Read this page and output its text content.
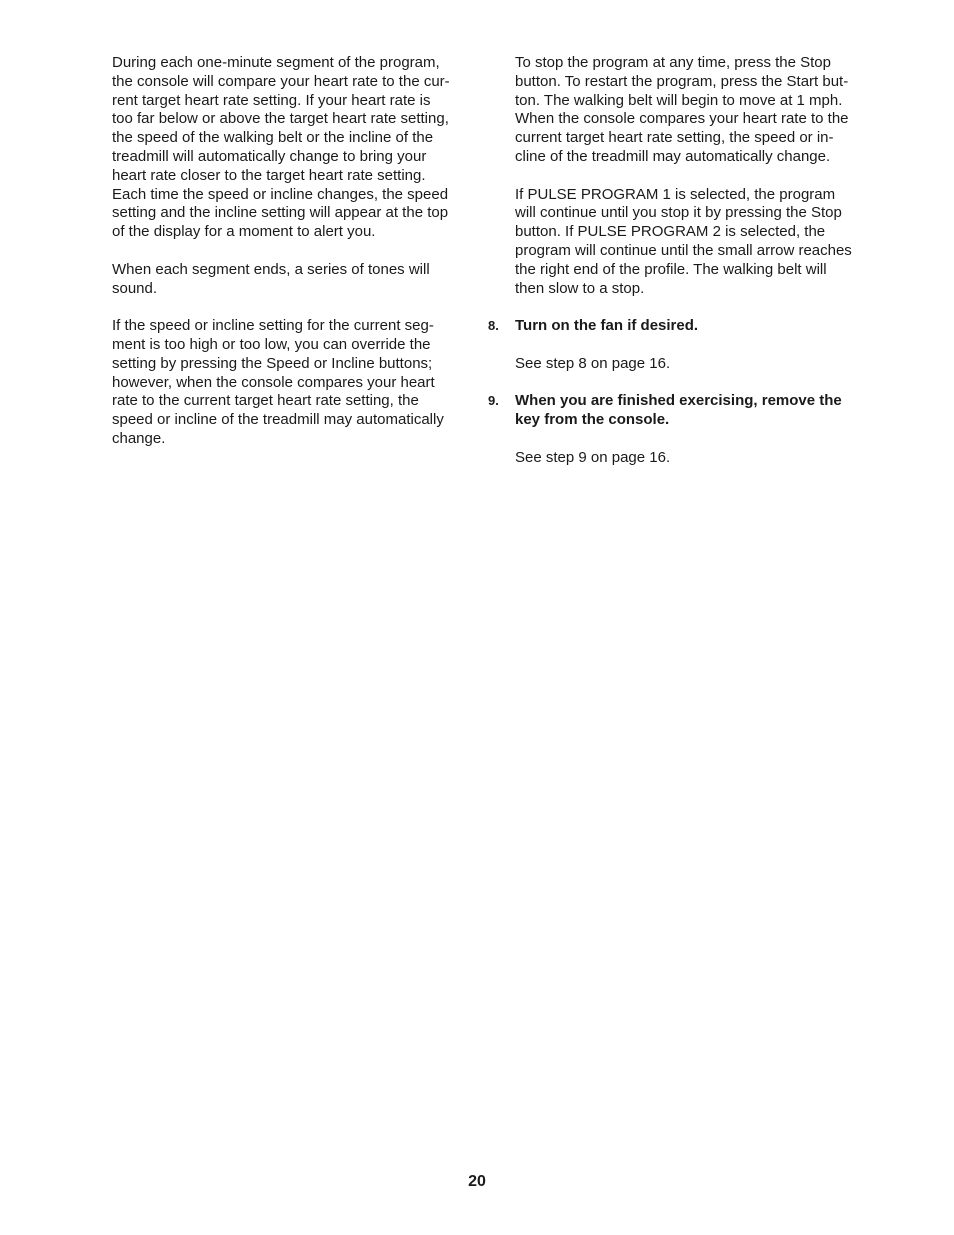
During each one-minute segment of the program,
the console will compare your heart rate to the cur-
rent target heart rate setting. If your heart rate is
too far below or above the target heart rate setting,
the speed of the walking belt or the incline of the
treadmill will automatically change to bring your
heart rate closer to the target heart rate setting.
Each time the speed or incline changes, the speed
setting and the incline setting will appear at the top
of the display for a moment to alert you.
When each segment ends, a series of tones will
sound.
If the speed or incline setting for the current seg-
ment is too high or too low, you can override the
setting by pressing the Speed or Incline buttons;
however, when the console compares your heart
rate to the current target heart rate setting, the
speed or incline of the treadmill may automatically
change.
To stop the program at any time, press the Stop
button. To restart the program, press the Start but-
ton. The walking belt will begin to move at 1 mph.
When the console compares your heart rate to the
current target heart rate setting, the speed or in-
cline of the treadmill may automatically change.
If PULSE PROGRAM 1 is selected, the program
will continue until you stop it by pressing the Stop
button. If PULSE PROGRAM 2 is selected, the
program will continue until the small arrow reaches
the right end of the profile. The walking belt will
then slow to a stop.
8. Turn on the fan if desired.
See step 8 on page 16.
9. When you are finished exercising, remove the
key from the console.
See step 9 on page 16.
20
